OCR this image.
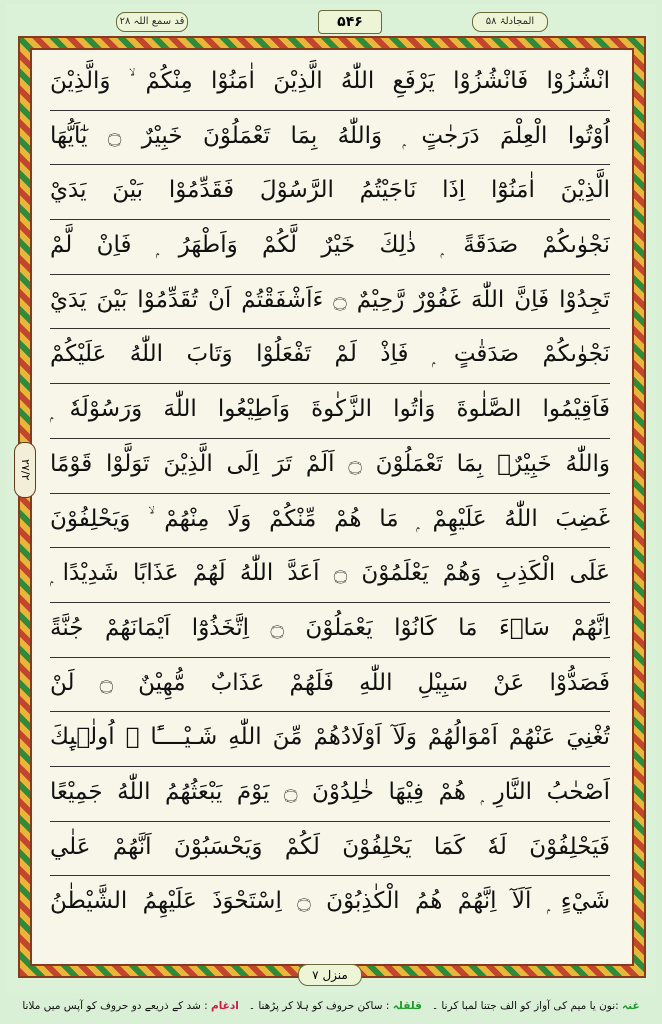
قد سمع اللہ ۲۸	۵۴۶	المجادلۃ ۵۸
انْشُزُوْا فَانْشُزُوْا يَرْفَعِ اللّٰهُ الَّذِيْنَ اٰمَنُوْا مِنْكُمْ ۙ وَالَّذِيْنَ
اُوْتُوا الْعِلْمَ دَرَجٰتٍ ۭ وَاللّٰهُ بِمَا تَعْمَلُوْنَ خَبِيْرٌ ۝ يٰٓاَيُّهَا
الَّذِيْنَ اٰمَنُوْٓا اِذَا نَاجَيْتُمُ الرَّسُوْلَ فَقَدِّمُوْا بَيْنَ يَدَيْ
نَجْوٰىكُمْ صَدَقَةً ۭ ذٰلِكَ خَيْرٌ لَّكُمْ وَاَطْهَرُ ۭ فَاِنْ لَّمْ
تَجِدُوْا فَاِنَّ اللّٰهَ غَفُوْرٌ رَّحِيْمٌ ۝ ءَاَشْفَقْتُمْ اَنْ تُقَدِّمُوْا بَيْنَ يَدَيْ
نَجْوٰىكُمْ صَدَقٰتٍ ۭ فَاِذْ لَمْ تَفْعَلُوْا وَتَابَ اللّٰهُ عَلَيْكُمْ
فَاَقِيْمُوا الصَّلٰوةَ وَاٰتُوا الزَّكٰوةَ وَاَطِيْعُوا اللّٰهَ وَرَسُوْلَهٗ ۭ
وَاللّٰهُ خَبِيْرٌۢ بِمَا تَعْمَلُوْنَ ۝ اَلَمْ تَرَ اِلَى الَّذِيْنَ تَوَلَّوْا قَوْمًا
غَضِبَ اللّٰهُ عَلَيْهِمْ ۭ مَا هُمْ مِّنْكُمْ وَلَا مِنْهُمْ ۙ وَيَحْلِفُوْنَ
عَلَى الْكَذِبِ وَهُمْ يَعْلَمُوْنَ ۝ اَعَدَّ اللّٰهُ لَهُمْ عَذَابًا شَدِيْدًا ۭ
اِنَّهُمْ سَاۗءَ مَا كَانُوْا يَعْمَلُوْنَ ۝ اِتَّخَذُوْٓا اَيْمَانَهُمْ جُنَّةً
فَصَدُّوْا عَنْ سَبِيْلِ اللّٰهِ فَلَهُمْ عَذَابٌ مُّهِيْنٌ ۝ لَنْ
تُغْنِيَ عَنْهُمْ اَمْوَالُهُمْ وَلَآ اَوْلَادُهُمْ مِّنَ اللّٰهِ شَـيْــــًٔا ۭ اُولٰۗىِٕكَ
اَصْحٰبُ النَّارِ ۭ هُمْ فِيْهَا خٰلِدُوْنَ ۝ يَوْمَ يَبْعَثُهُمُ اللّٰهُ جَمِيْعًا
فَيَحْلِفُوْنَ لَهٗ كَمَا يَحْلِفُوْنَ لَكُمْ وَيَحْسَبُوْنَ اَنَّهُمْ عَلٰي
شَيْءٍ ۭ اَلَآ اِنَّهُمْ هُمُ الْكٰذِبُوْنَ ۝ اِسْتَحْوَذَ عَلَيْهِمُ الشَّيْطٰنُ
۲۷/۲
منزل ۷
غنہ :نون یا میم کی آواز کو الف جتنا لمبا کرنا ۔   قلقلہ : ساکن حروف کو ہلا کر پڑھنا ۔   ادغام : شد کے ذریعے دو حروف کو آپس میں ملانا
